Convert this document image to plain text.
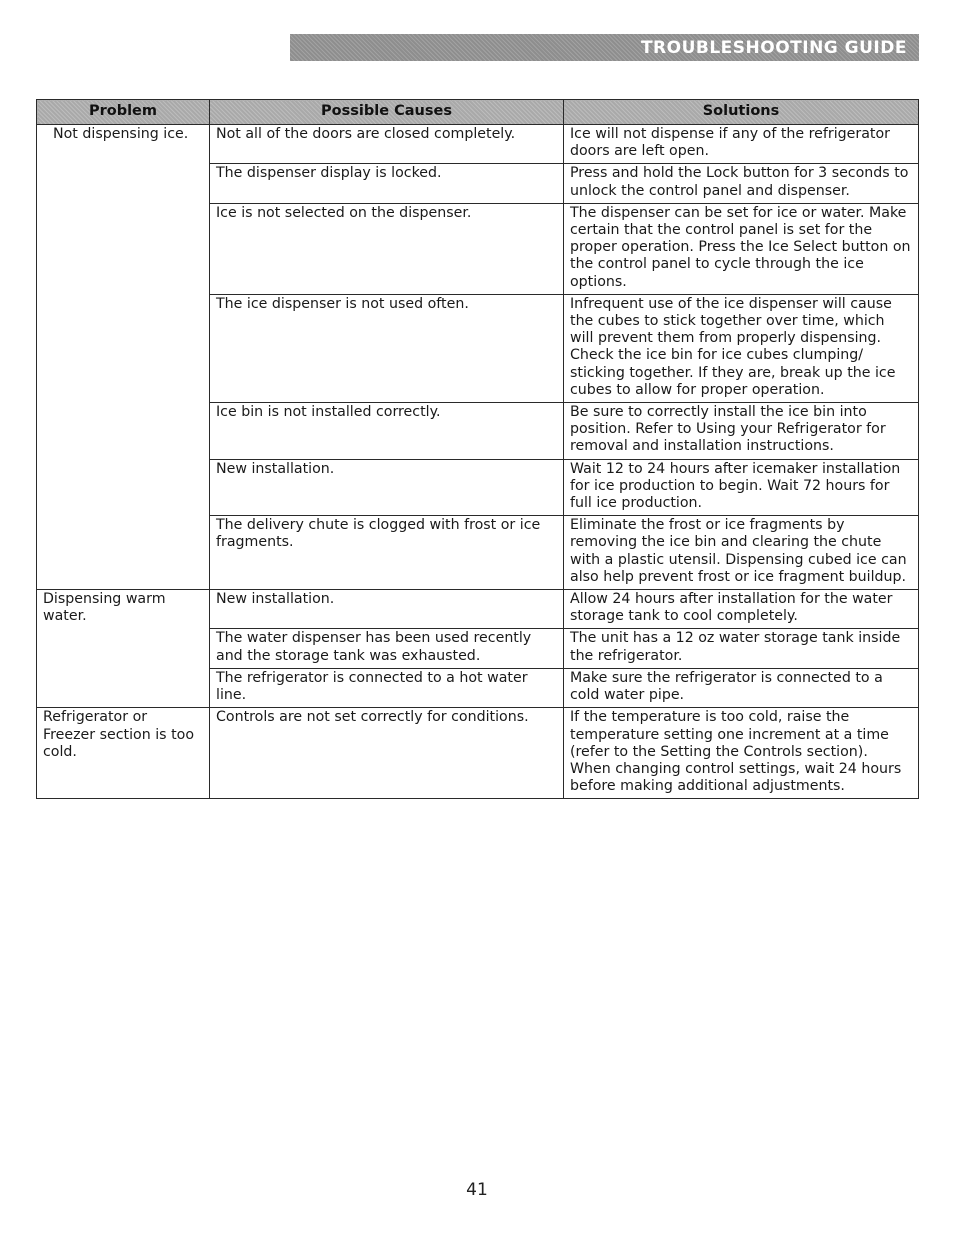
TROUBLESHOOTING GUIDE
Problem	Possible Causes	Solutions
Not dispensing ice.	Not all of the doors are closed completely.	Ice will not dispense if any of the refrigerator doors are left open.
	The dispenser display is locked.	Press and hold the Lock button for 3 seconds to unlock the control panel and dispenser.
	Ice is not selected on the dispenser.	The dispenser can be set for ice or water. Make certain that the control panel is set for the proper operation. Press the Ice Select button on the control panel to cycle through the ice options.
	The ice dispenser is not used often.	Infrequent use of the ice dispenser will cause the cubes to stick together over time, which will prevent them from properly dispensing. Check the ice bin for ice cubes clumping/ sticking together. If they are, break up the ice cubes to allow for proper operation.
	Ice bin is not installed correctly.	Be sure to correctly install the ice bin into position. Refer to Using your Refrigerator for removal and installation instructions.
	New installation.	Wait 12 to 24 hours after icemaker installation for ice production to begin. Wait 72 hours for full ice production.
	The delivery chute is clogged with frost or ice fragments.	Eliminate the frost or ice fragments by removing the ice bin and clearing the chute with a plastic utensil. Dispensing cubed ice can also help prevent frost or ice fragment buildup.
Dispensing warm water.	New installation.	Allow 24 hours after installation for the water storage tank to cool completely.
	The water dispenser has been used recently and the storage tank was exhausted.	The unit has a 12 oz water storage tank inside the refrigerator.
	The refrigerator is connected to a hot water line.	Make sure the refrigerator is connected to a cold water pipe.
Refrigerator or Freezer section is too cold.	Controls are not set correctly for conditions.	If the temperature is too cold, raise the temperature setting one increment at a time (refer to the Setting the Controls section). When changing control settings, wait 24 hours before making additional adjustments.
41
